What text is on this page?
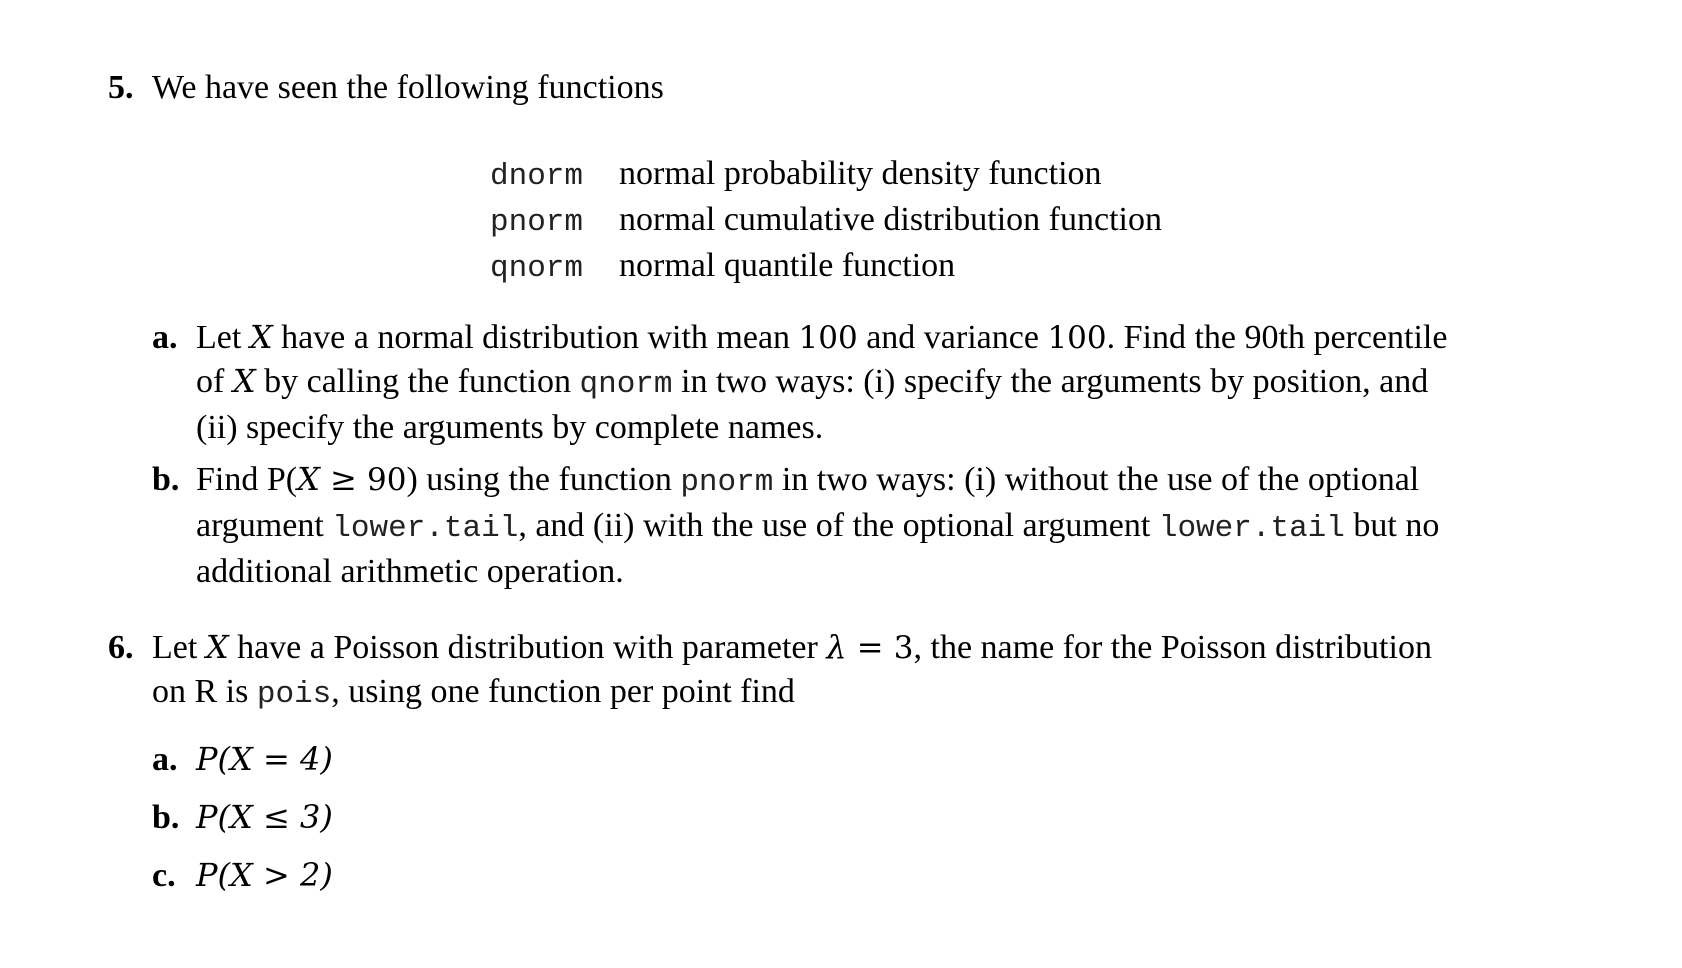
5. We have seen the following functions
dnorm	normal probability density function
pnorm	normal cumulative distribution function
qnorm	normal quantile function
a. Let X have a normal distribution with mean 100 and variance 100. Find the 90th percentile
of X by calling the function qnorm in two ways: (i) specify the arguments by position, and
(ii) specify the arguments by complete names.
b. Find P(X ≥ 90) using the function pnorm in two ways: (i) without the use of the optional
argument lower.tail, and (ii) with the use of the optional argument lower.tail but no
additional arithmetic operation.
6. Let X have a Poisson distribution with parameter λ = 3, the name for the Poisson distribution
on R is pois, using one function per point find
a. P(X = 4)
b. P(X ≤ 3)
c. P(X > 2)
